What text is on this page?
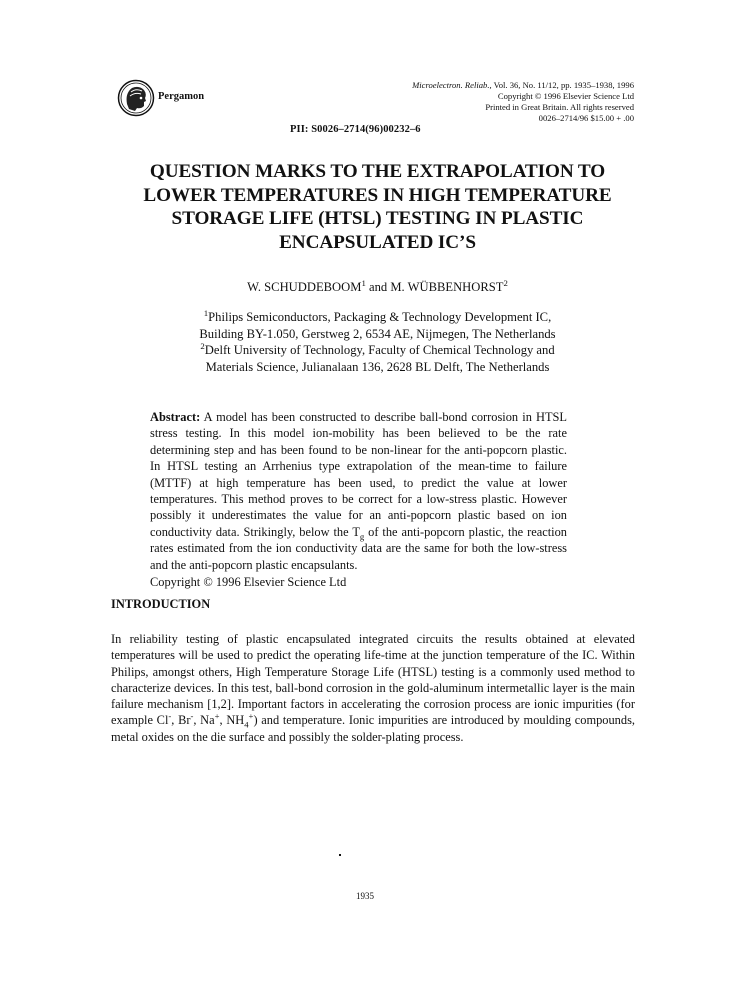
Pergamon
Microelectron. Reliab., Vol. 36, No. 11/12, pp. 1935–1938, 1996
Copyright © 1996 Elsevier Science Ltd
Printed in Great Britain. All rights reserved
0026–2714/96 $15.00 + .00
PII: S0026–2714(96)00232–6
QUESTION MARKS TO THE EXTRAPOLATION TO
LOWER TEMPERATURES IN HIGH TEMPERATURE
STORAGE LIFE (HTSL) TESTING IN PLASTIC
ENCAPSULATED IC’S
W. SCHUDDEBOOM$^1$ and M. WÜBBENHORST$^2$
$^1$Philips Semiconductors, Packaging & Technology Development IC,
Building BY-1.050, Gerstweg 2, 6534 AE, Nijmegen, The Netherlands
$^2$Delft University of Technology, Faculty of Chemical Technology and
Materials Science, Julianalaan 136, 2628 BL Delft, The Netherlands

Abstract: A model has been constructed to describe ball-bond corrosion in HTSL stress testing. In this model ion-mobility has been believed to be the rate determining step and has been found to be non-linear for the anti-popcorn plastic. In HTSL testing an Arrhenius type extrapolation of the mean-time to failure (MTTF) at high temperature has been used, to predict the value at lower temperatures. This method proves to be correct for a low-stress plastic. However possibly it underestimates the value for an anti-popcorn plastic based on ion conductivity data. Strikingly, below the $T_g$ of the anti-popcorn plastic, the reaction rates estimated from the ion conductivity data are the same for both the low-stress and the anti-popcorn plastic encapsulants.

Copyright © 1996 Elsevier Science Ltd
INTRODUCTION

In reliability testing of plastic encapsulated integrated circuits the results obtained at elevated temperatures will be used to predict the operating life-time at the junction temperature of the IC. Within Philips, amongst others, High Temperature Storage Life (HTSL) testing is a commonly used method to characterize devices. In this test, ball-bond corrosion in the gold-aluminum intermetallic layer is the main failure mechanism [1,2]. Important factors in accelerating the corrosion process are ionic impurities (for example Cl-, Br-, Na+, $NH_4^+$) and temperature. Ionic impurities are introduced by moulding compounds, metal oxides on the die surface and possibly the solder-plating process.

1935
